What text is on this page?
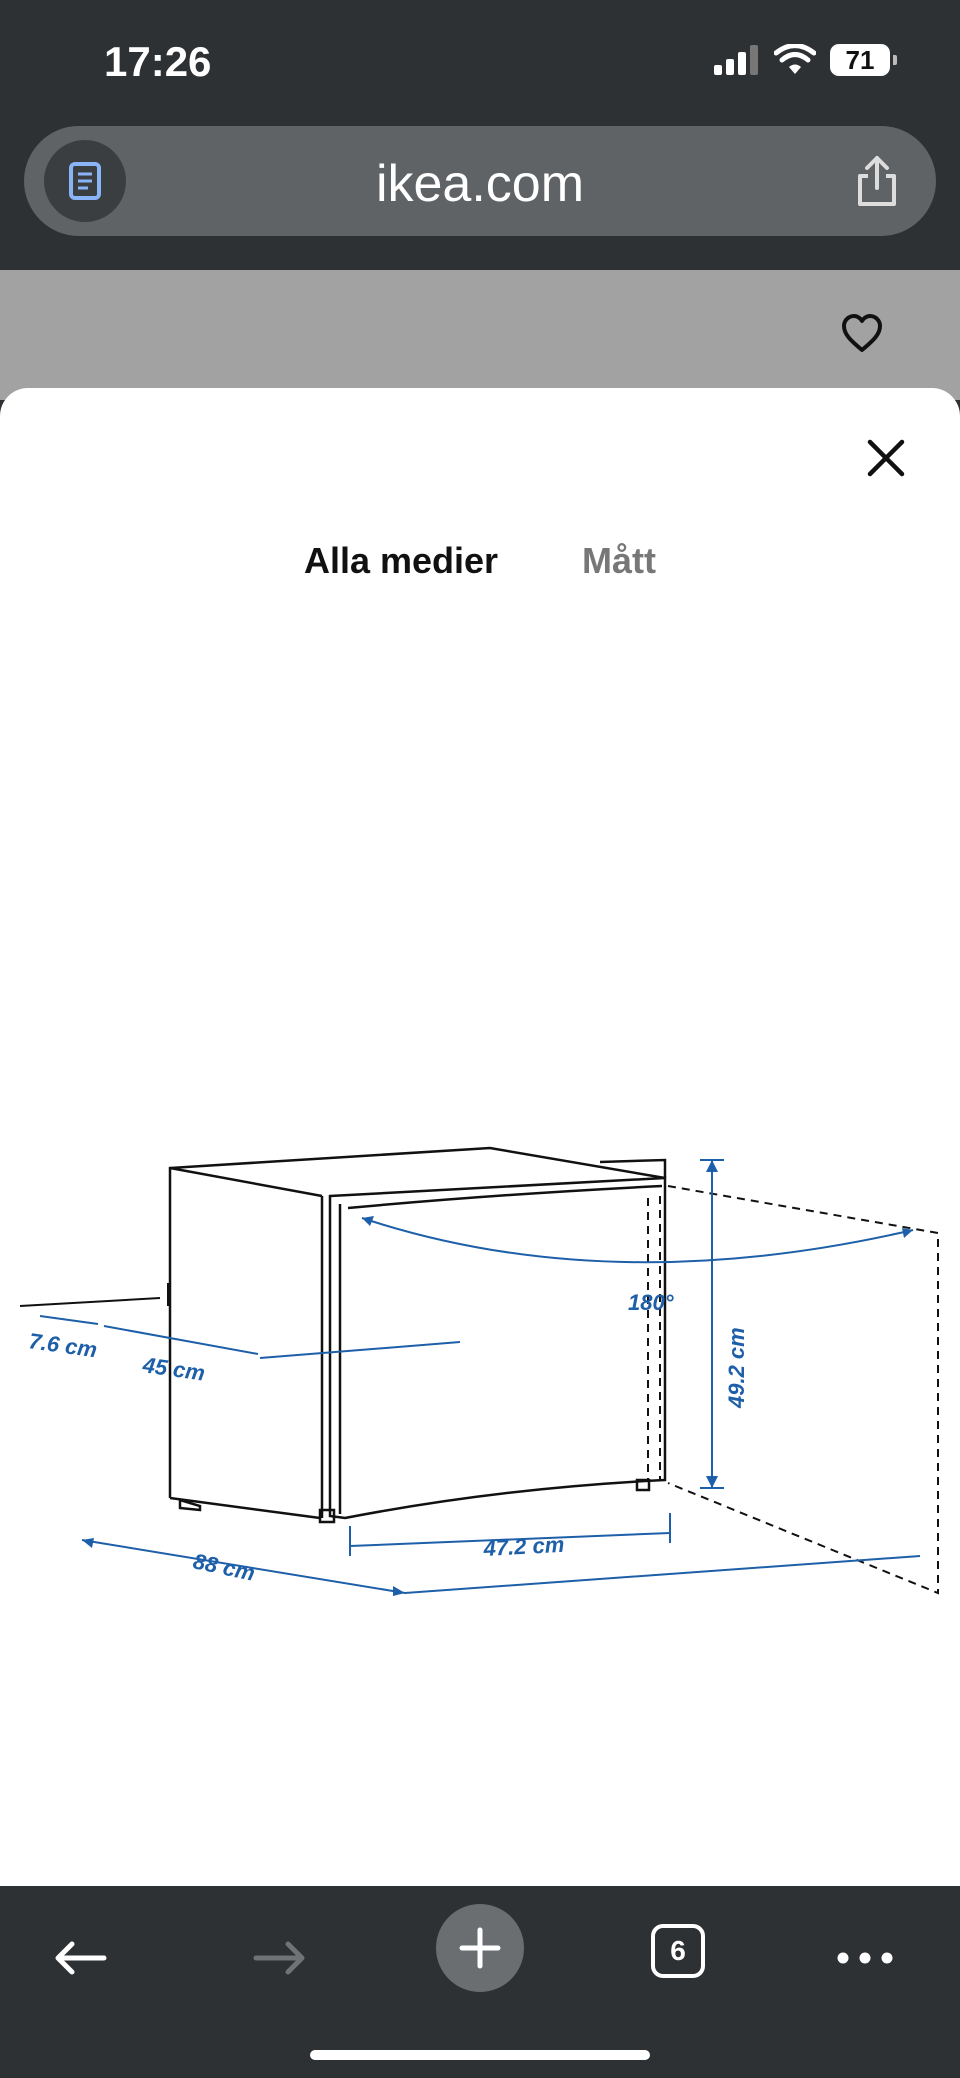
17:26	71
ikea.com
Alla medier Mått
7.6 cm
45 cm
180°
49.2 cm
47.2 cm
88 cm
6
